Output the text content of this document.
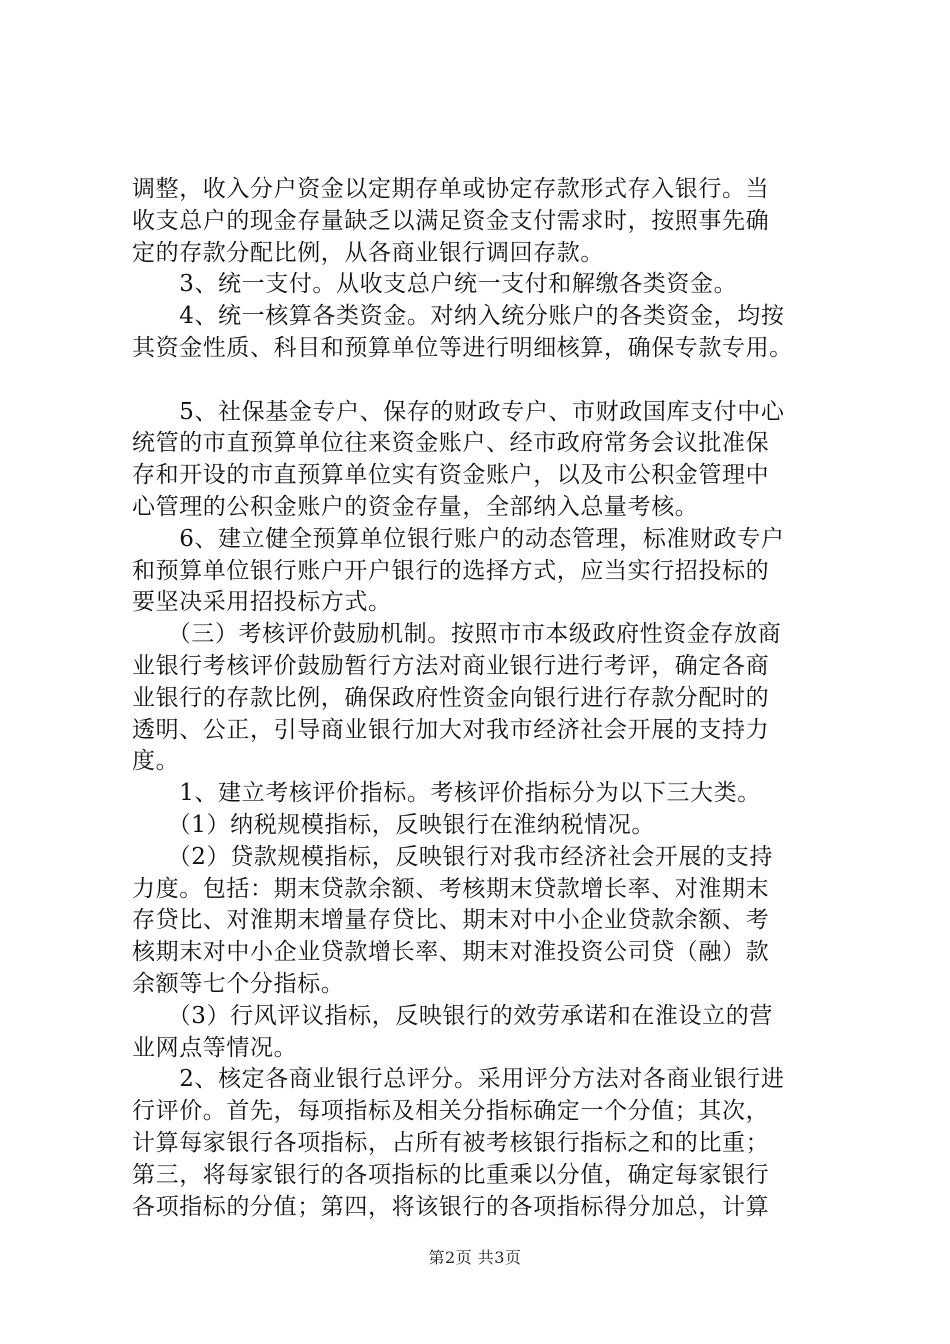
调整，收入分户资金以定期存单或协定存款形式存入银行。当
收支总户的现金存量缺乏以满足资金支付需求时，按照事先确
定的存款分配比例，从各商业银行调回存款。
　　3、统一支付。从收支总户统一支付和解缴各类资金。
　　4、统一核算各类资金。对纳入统分账户的各类资金，均按
其资金性质、科目和预算单位等进行明细核算，确保专款专用。
　　5、社保基金专户、保存的财政专户、市财政国库支付中心
统管的市直预算单位往来资金账户、经市政府常务会议批准保
存和开设的市直预算单位实有资金账户，以及市公积金管理中
心管理的公积金账户的资金存量，全部纳入总量考核。
　　6、建立健全预算单位银行账户的动态管理，标准财政专户
和预算单位银行账户开户银行的选择方式，应当实行招投标的
要坚决采用招投标方式。
　　（三）考核评价鼓励机制。按照市市本级政府性资金存放商
业银行考核评价鼓励暂行方法对商业银行进行考评，确定各商
业银行的存款比例，确保政府性资金向银行进行存款分配时的
透明、公正，引导商业银行加大对我市经济社会开展的支持力
度。
　　1、建立考核评价指标。考核评价指标分为以下三大类。
　　（1）纳税规模指标，反映银行在淮纳税情况。
　　（2）贷款规模指标，反映银行对我市经济社会开展的支持
力度。包括：期末贷款余额、考核期末贷款增长率、对淮期末
存贷比、对淮期末增量存贷比、期末对中小企业贷款余额、考
核期末对中小企业贷款增长率、期末对淮投资公司贷（融）款
余额等七个分指标。
　　（3）行风评议指标，反映银行的效劳承诺和在淮设立的营
业网点等情况。
　　2、核定各商业银行总评分。采用评分方法对各商业银行进
行评价。首先，每项指标及相关分指标确定一个分值；其次，
计算每家银行各项指标，占所有被考核银行指标之和的比重；
第三，将每家银行的各项指标的比重乘以分值，确定每家银行
各项指标的分值；第四，将该银行的各项指标得分加总，计算
第2页 共3页
